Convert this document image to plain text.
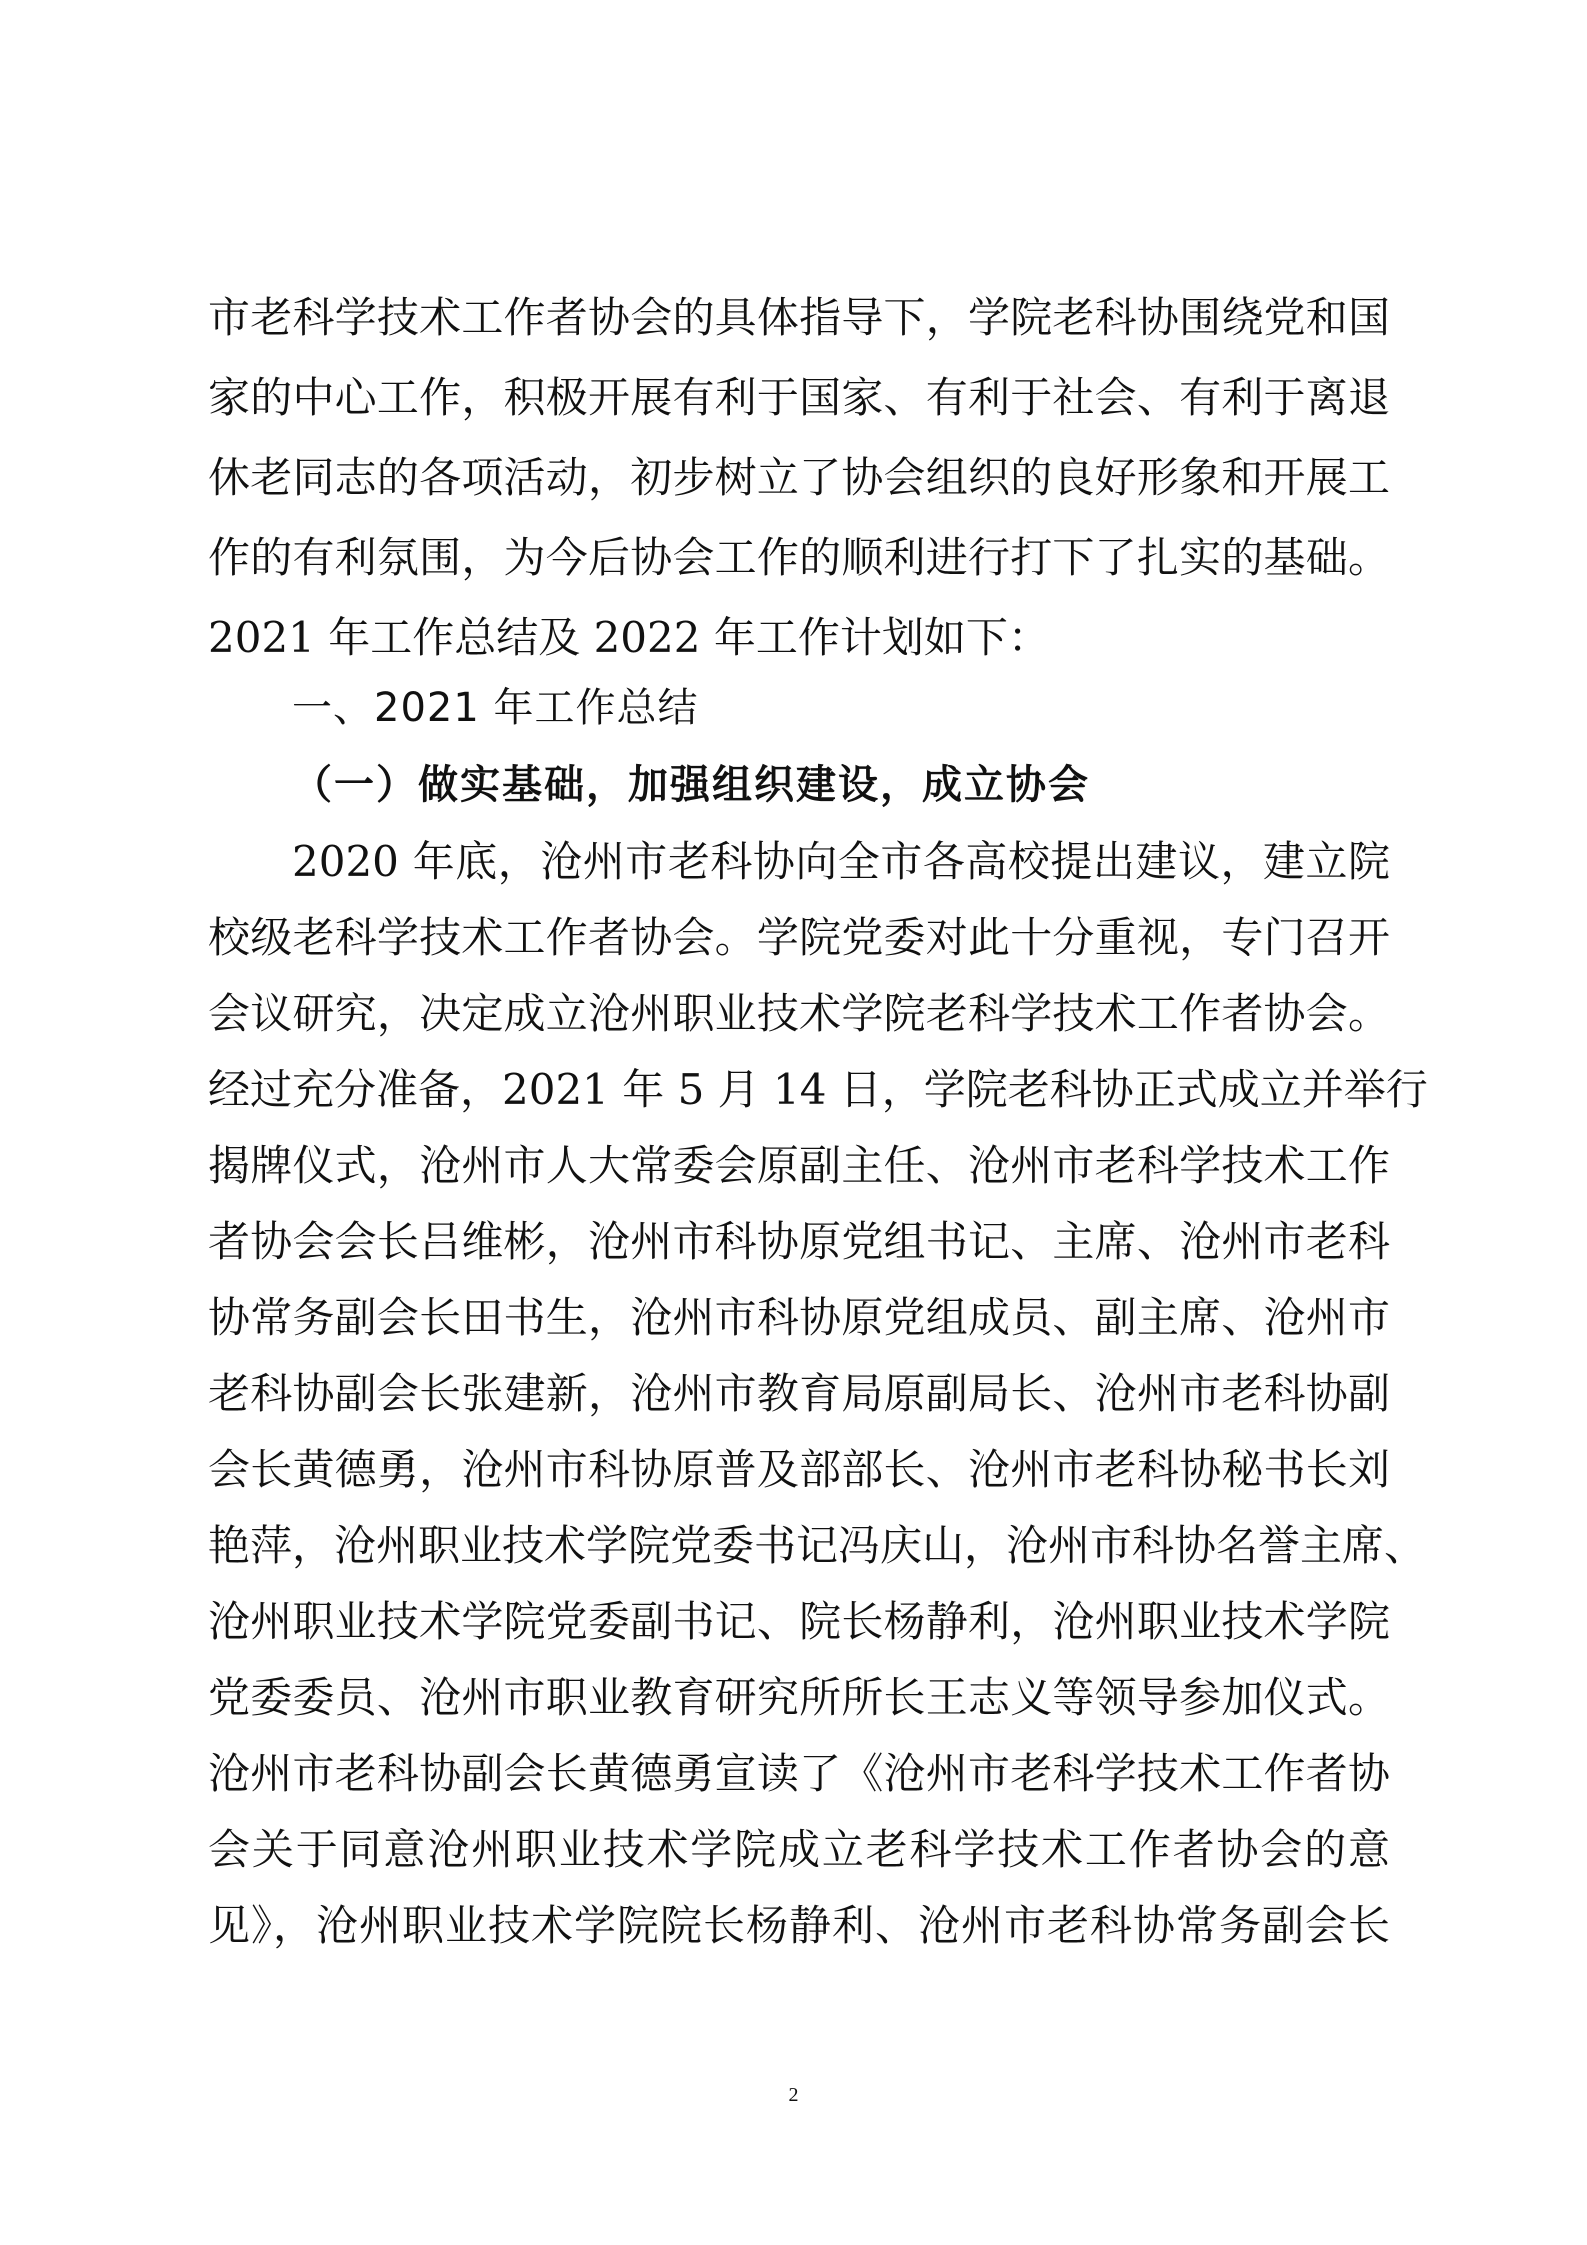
市老科学技术工作者协会的具体指导下，学院老科协围绕党和国
家的中心工作，积极开展有利于国家、有利于社会、有利于离退
休老同志的各项活动，初步树立了协会组织的良好形象和开展工
作的有利氛围，为今后协会工作的顺利进行打下了扎实的基础。
2021 年工作总结及 2022 年工作计划如下：
一、2021 年工作总结
（一）做实基础，加强组织建设，成立协会
2020 年底，沧州市老科协向全市各高校提出建议，建立院
校级老科学技术工作者协会。学院党委对此十分重视，专门召开
会议研究，决定成立沧州职业技术学院老科学技术工作者协会。
经过充分准备，2021 年 5 月 14 日，学院老科协正式成立并举行
揭牌仪式，沧州市人大常委会原副主任、沧州市老科学技术工作
者协会会长吕维彬，沧州市科协原党组书记、主席、沧州市老科
协常务副会长田书生，沧州市科协原党组成员、副主席、沧州市
老科协副会长张建新，沧州市教育局原副局长、沧州市老科协副
会长黄德勇，沧州市科协原普及部部长、沧州市老科协秘书长刘
艳萍，沧州职业技术学院党委书记冯庆山，沧州市科协名誉主席、
沧州职业技术学院党委副书记、院长杨静利，沧州职业技术学院
党委委员、沧州市职业教育研究所所长王志义等领导参加仪式。
沧州市老科协副会长黄德勇宣读了《沧州市老科学技术工作者协
会关于同意沧州职业技术学院成立老科学技术工作者协会的意
见》，沧州职业技术学院院长杨静利、沧州市老科协常务副会长
2
